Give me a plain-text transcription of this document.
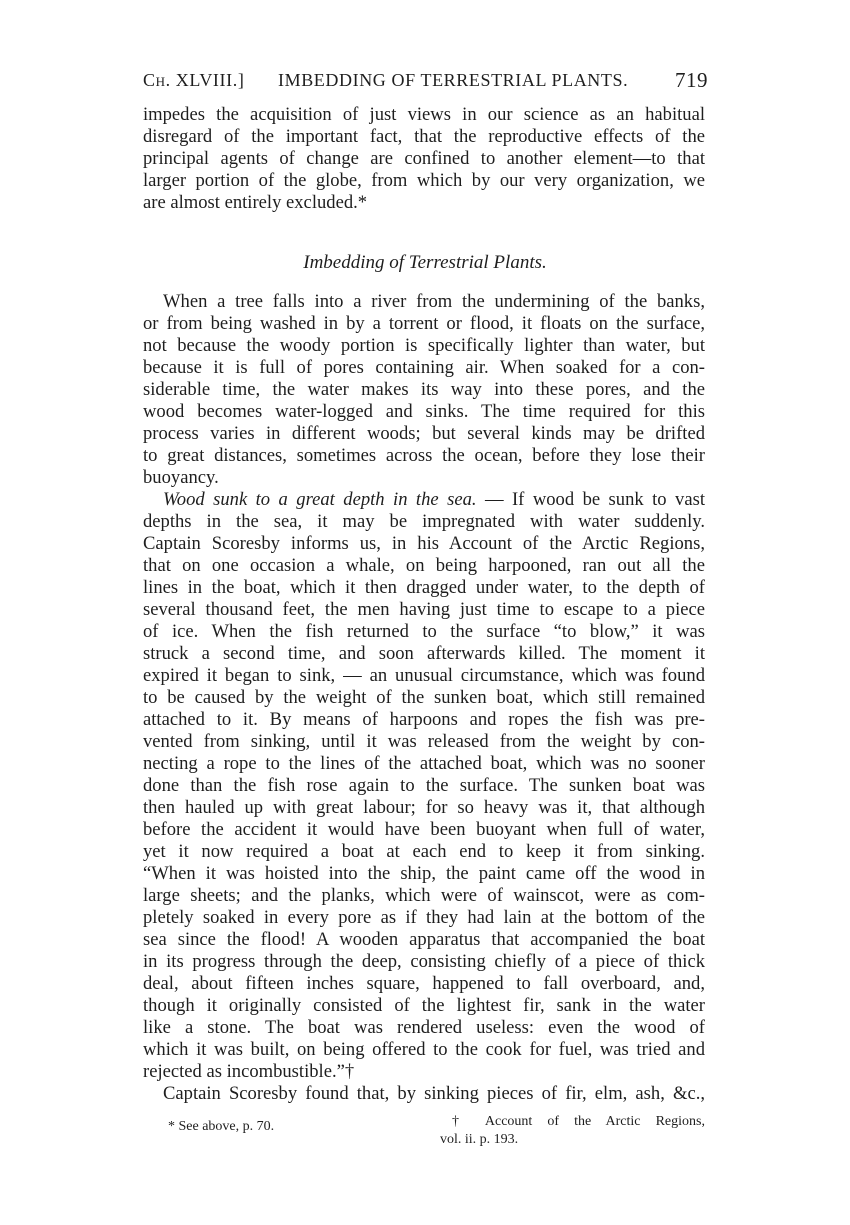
Ch. XLVIII.] IMBEDDING OF TERRESTRIAL PLANTS. 719
impedes the acquisition of just views in our science as an habitual
disregard of the important fact, that the reproductive effects of the
principal agents of change are confined to another element—to that
larger portion of the globe, from which by our very organization, we
are almost entirely excluded.*
Imbedding of Terrestrial Plants.
When a tree falls into a river from the undermining of the banks,
or from being washed in by a torrent or flood, it floats on the surface,
not because the woody portion is specifically lighter than water, but
because it is full of pores containing air. When soaked for a con-
siderable time, the water makes its way into these pores, and the
wood becomes water-logged and sinks. The time required for this
process varies in different woods; but several kinds may be drifted
to great distances, sometimes across the ocean, before they lose their
buoyancy.
Wood sunk to a great depth in the sea. — If wood be sunk to vast
depths in the sea, it may be impregnated with water suddenly.
Captain Scoresby informs us, in his Account of the Arctic Regions,
that on one occasion a whale, on being harpooned, ran out all the
lines in the boat, which it then dragged under water, to the depth of
several thousand feet, the men having just time to escape to a piece
of ice. When the fish returned to the surface “to blow,” it was
struck a second time, and soon afterwards killed. The moment it
expired it began to sink, — an unusual circumstance, which was found
to be caused by the weight of the sunken boat, which still remained
attached to it. By means of harpoons and ropes the fish was pre-
vented from sinking, until it was released from the weight by con-
necting a rope to the lines of the attached boat, which was no sooner
done than the fish rose again to the surface. The sunken boat was
then hauled up with great labour; for so heavy was it, that although
before the accident it would have been buoyant when full of water,
yet it now required a boat at each end to keep it from sinking.
“When it was hoisted into the ship, the paint came off the wood in
large sheets; and the planks, which were of wainscot, were as com-
pletely soaked in every pore as if they had lain at the bottom of the
sea since the flood! A wooden apparatus that accompanied the boat
in its progress through the deep, consisting chiefly of a piece of thick
deal, about fifteen inches square, happened to fall overboard, and,
though it originally consisted of the lightest fir, sank in the water
like a stone. The boat was rendered useless: even the wood of
which it was built, on being offered to the cook for fuel, was tried and
rejected as incombustible.”†
Captain Scoresby found that, by sinking pieces of fir, elm, ash, &c.,
* See above, p. 70.	† Account of the Arctic Regions,
vol. ii. p. 193.
